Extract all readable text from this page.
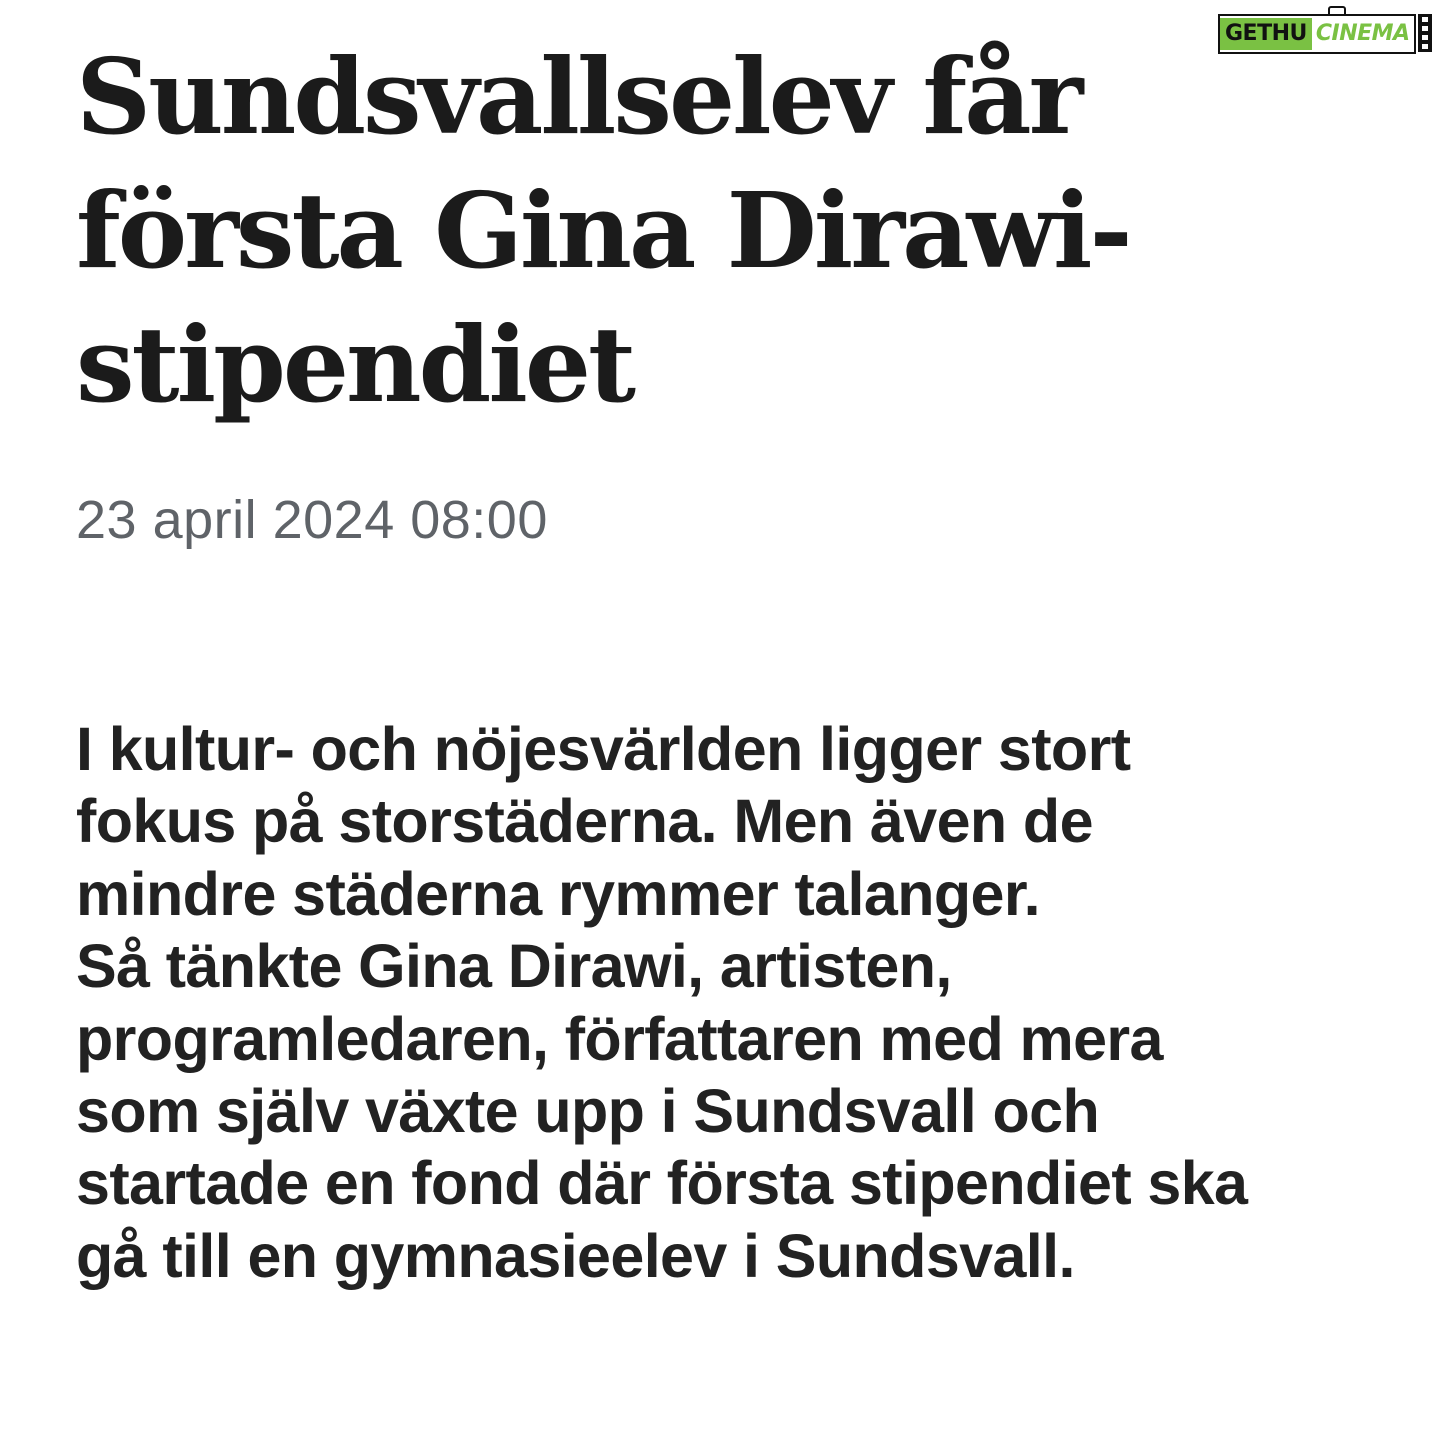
GETHU CINEMA
Sundsvallselev får
första Gina Dirawi-
stipendiet

23 april 2024 08:00

I kultur- och nöjesvärlden ligger stort
fokus på storstäderna. Men även de
mindre städerna rymmer talanger.
Så tänkte Gina Dirawi, artisten,
programledaren, författaren med mera
som själv växte upp i Sundsvall och
startade en fond där första stipendiet ska
gå till en gymnasieelev i Sundsvall.
